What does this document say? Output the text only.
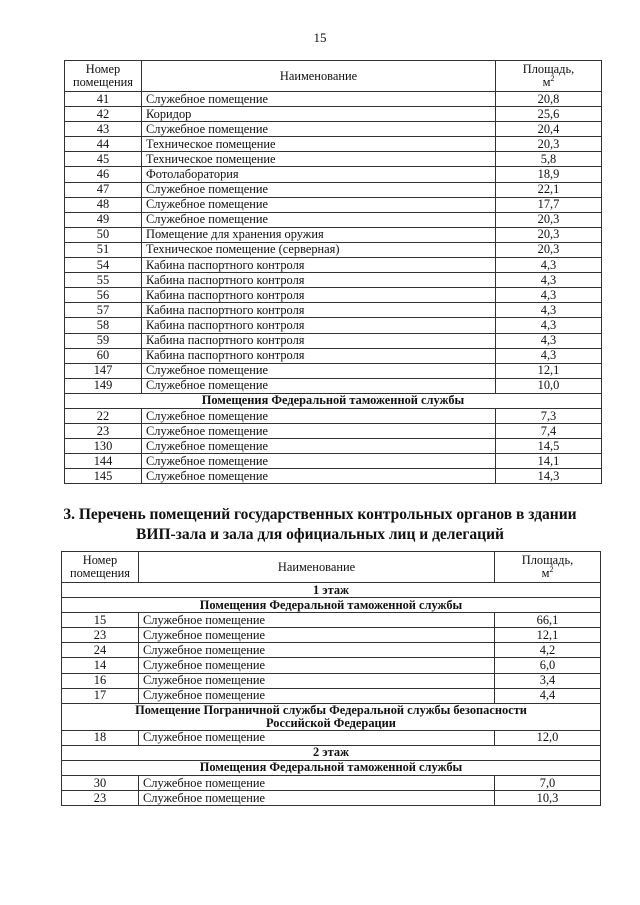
15
Номер помещения	Наименование	Площадь,
$м^2$
41	Служебное помещение	20,8
42	Коридор	25,6
43	Служебное помещение	20,4
44	Техническое помещение	20,3
45	Техническое помещение	5,8
46	Фотолаборатория	18,9
47	Служебное помещение	22,1
48	Служебное помещение	17,7
49	Служебное помещение	20,3
50	Помещение для хранения оружия	20,3
51	Техническое помещение (серверная)	20,3
54	Кабина паспортного контроля	4,3
55	Кабина паспортного контроля	4,3
56	Кабина паспортного контроля	4,3
57	Кабина паспортного контроля	4,3
58	Кабина паспортного контроля	4,3
59	Кабина паспортного контроля	4,3
60	Кабина паспортного контроля	4,3
147	Служебное помещение	12,1
149	Служебное помещение	10,0
Помещения Федеральной таможенной службы		
22	Служебное помещение	7,3
23	Служебное помещение	7,4
130	Служебное помещение	14,5
144	Служебное помещение	14,1
145	Служебное помещение	14,3
3. Перечень помещений государственных контрольных органов в здании
ВИП-зала и зала для официальных лиц и делегаций
Номер помещения	Наименование	Площадь,
$м^2$
1 этаж		
Помещения Федеральной таможенной службы		
15	Служебное помещение	66,1
23	Служебное помещение	12,1
24	Служебное помещение	4,2
14	Служебное помещение	6,0
16	Служебное помещение	3,4
17	Служебное помещение	4,4
Помещение Пограничной службы Федеральной службы безопасности
Российской Федерации		
18	Служебное помещение	12,0
2 этаж		
Помещения Федеральной таможенной службы		
30	Служебное помещение	7,0
23	Служебное помещение	10,3
